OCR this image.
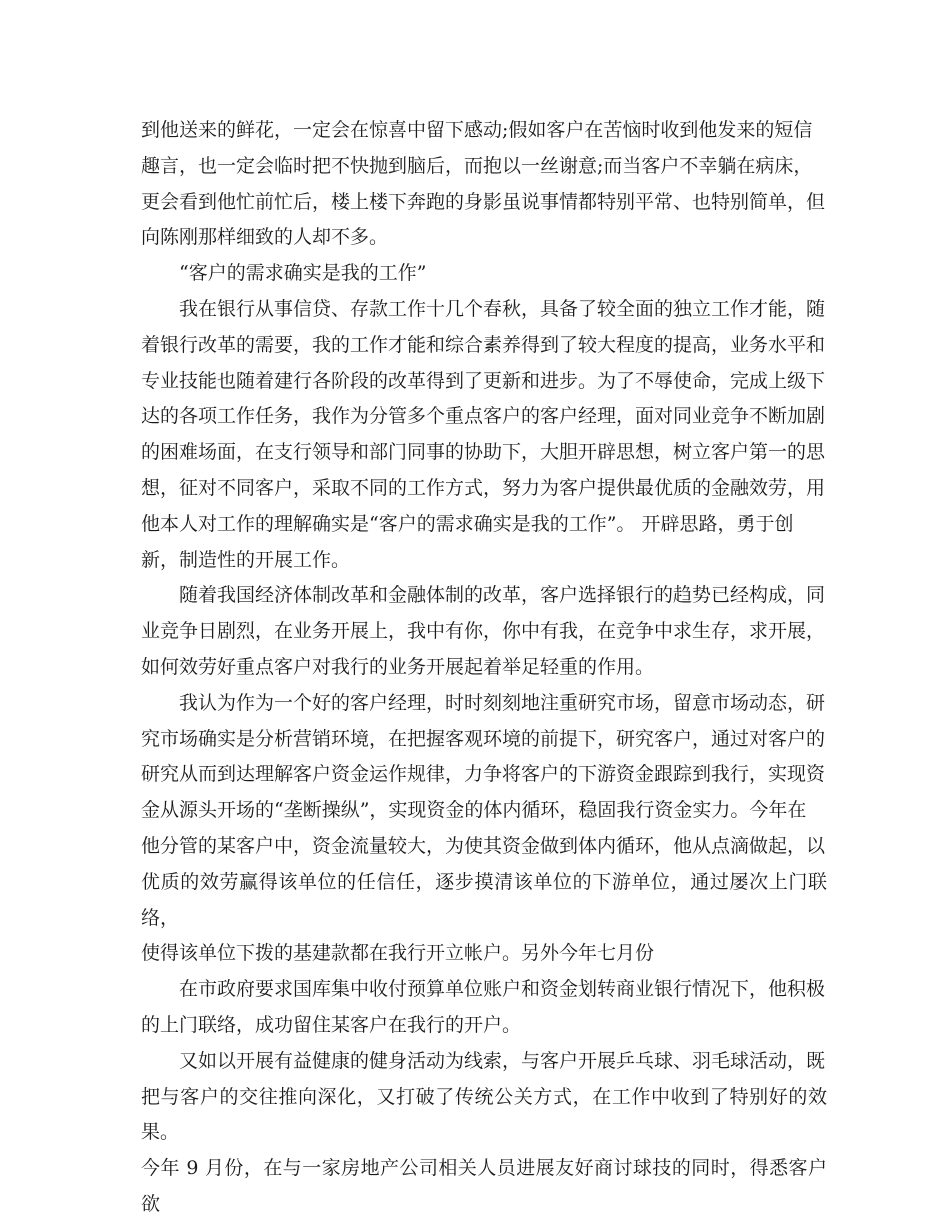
到他送来的鲜花，一定会在惊喜中留下感动;假如客户在苦恼时收到他发来的短信
趣言，也一定会临时把不快抛到脑后，而抱以一丝谢意;而当客户不幸躺在病床，
更会看到他忙前忙后，楼上楼下奔跑的身影虽说事情都特别平常、也特别简单，但
向陈刚那样细致的人却不多。

“客户的需求确实是我的工作”

我在银行从事信贷、存款工作十几个春秋，具备了较全面的独立工作才能，随
着银行改革的需要，我的工作才能和综合素养得到了较大程度的提高，业务水平和
专业技能也随着建行各阶段的改革得到了更新和进步。为了不辱使命，完成上级下
达的各项工作任务，我作为分管多个重点客户的客户经理，面对同业竞争不断加剧
的困难场面，在支行领导和部门同事的协助下，大胆开辟思想，树立客户第一的思
想，征对不同客户，采取不同的工作方式，努力为客户提供最优质的金融效劳，用
他本人对工作的理解确实是“客户的需求确实是我的工作”。 开辟思路，勇于创
新，制造性的开展工作。

随着我国经济体制改革和金融体制的改革，客户选择银行的趋势已经构成，同
业竞争日剧烈，在业务开展上，我中有你，你中有我，在竞争中求生存，求开展，
如何效劳好重点客户对我行的业务开展起着举足轻重的作用。

我认为作为一个好的客户经理，时时刻刻地注重研究市场，留意市场动态，研
究市场确实是分析营销环境，在把握客观环境的前提下，研究客户，通过对客户的
研究从而到达理解客户资金运作规律，力争将客户的下游资金跟踪到我行，实现资
金从源头开场的“垄断操纵”，实现资金的体内循环，稳固我行资金实力。今年在
他分管的某客户中，资金流量较大，为使其资金做到体内循环，他从点滴做起，以
优质的效劳赢得该单位的任信任，逐步摸清该单位的下游单位，通过屡次上门联络，
使得该单位下拨的基建款都在我行开立帐户。另外今年七月份

在市政府要求国库集中收付预算单位账户和资金划转商业银行情况下，他积极
的上门联络，成功留住某客户在我行的开户。

又如以开展有益健康的健身活动为线索，与客户开展乒乓球、羽毛球活动，既
把与客户的交往推向深化，又打破了传统公关方式，在工作中收到了特别好的效果。
今年 9 月份，在与一家房地产公司相关人员进展友好商讨球技的同时，得悉客户欲
